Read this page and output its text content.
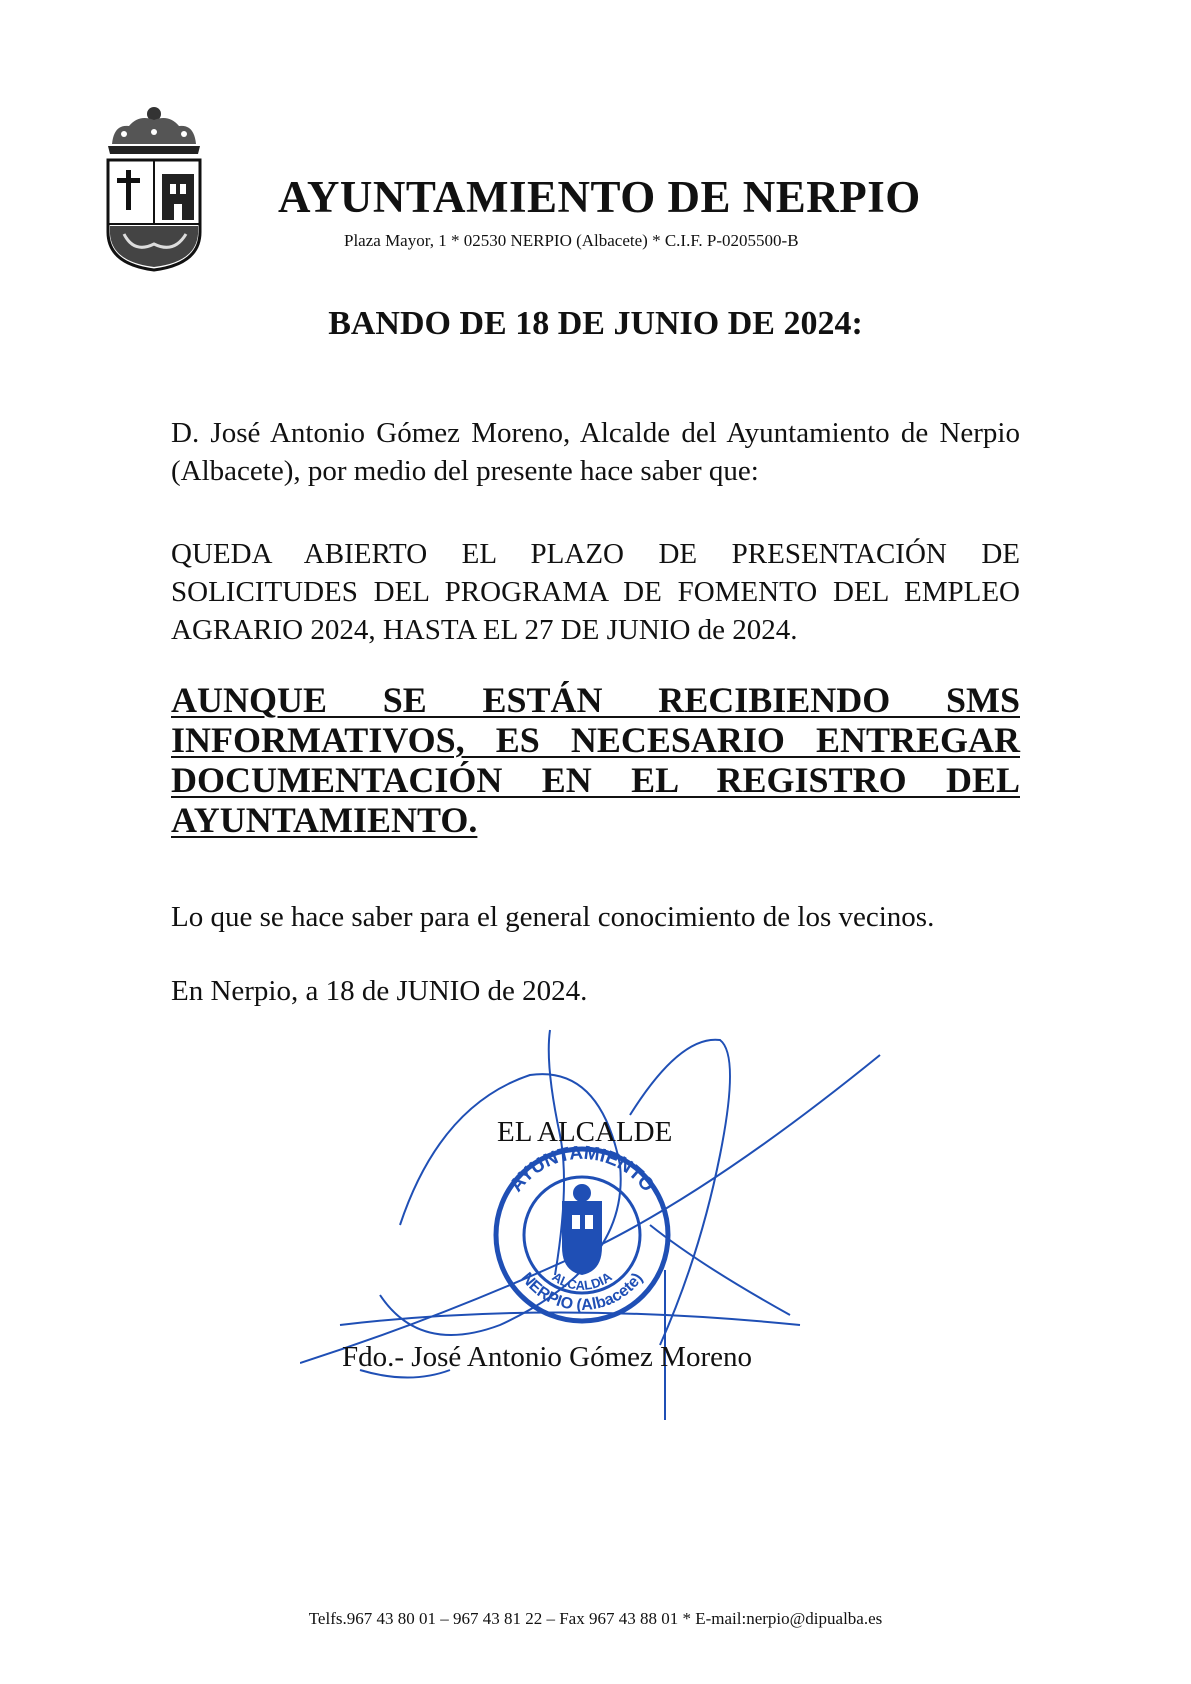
AYUNTAMIENTO DE NERPIO
Plaza Mayor, 1 * 02530 NERPIO (Albacete) * C.I.F. P-0205500-B
BANDO DE 18 DE JUNIO DE 2024:
D. José Antonio Gómez Moreno, Alcalde del Ayuntamiento de Nerpio (Albacete), por medio del presente hace saber que:
QUEDA ABIERTO EL PLAZO DE PRESENTACIÓN DE SOLICITUDES DEL PROGRAMA DE FOMENTO DEL EMPLEO AGRARIO 2024, HASTA EL 27 DE JUNIO de 2024.
AUNQUE SE ESTÁN RECIBIENDO SMS INFORMATIVOS, ES NECESARIO ENTREGAR DOCUMENTACIÓN EN EL REGISTRO DEL AYUNTAMIENTO.
Lo que se hace saber para el general conocimiento de los vecinos.
En Nerpio, a 18 de JUNIO de 2024.
AYUNTAMIENTO
NERPIO (Albacete)
ALCALDIA
EL ALCALDE
Fdo.- José Antonio Gómez Moreno
Telfs.967 43 80 01 – 967 43 81 22 – Fax 967 43 88 01 * E-mail:nerpio@dipualba.es
